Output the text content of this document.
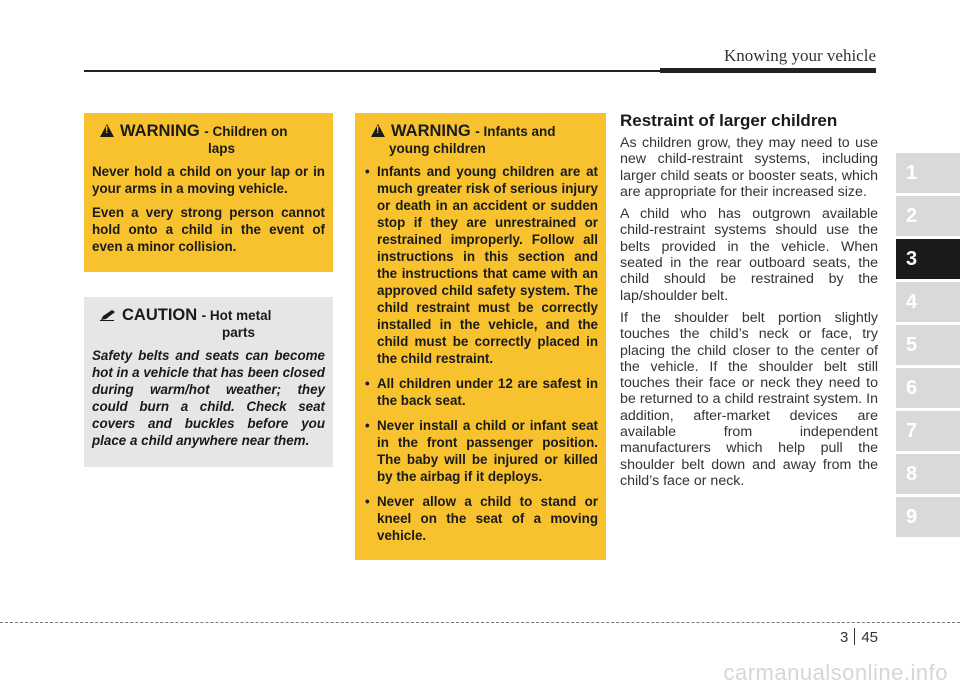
Knowing your vehicle
!WARNING - Children on
laps

Never hold a child on your lap or in your arms in a moving vehicle.

Even a very strong person cannot hold onto a child in the event of even a minor collision.

CAUTION - Hot metal
parts

Safety belts and seats can become hot in a vehicle that has been closed during warm/hot weather; they could burn a child. Check seat covers and buckles before you place a child anywhere near them.

!WARNING - Infants and
young children
• Infants and young children are at much greater risk of serious injury or death in an accident or sudden stop if they are unrestrained or restrained improperly. Follow all instructions in this section and the instructions that came with an approved child safety system. The child restraint must be correctly installed in the vehicle, and the child must be correctly placed in the child restraint.
• All children under 12 are safest in the back seat.
• Never install a child or infant seat in the front passenger position. The baby will be injured or killed by the airbag if it deploys.
• Never allow a child to stand or kneel on the seat of a moving vehicle.
Restraint of larger children

As children grow, they may need to use new child-restraint systems, including larger child seats or booster seats, which are appropriate for their increased size.

A child who has outgrown available child-restraint systems should use the belts provided in the vehicle. When seated in the rear outboard seats, the child should be restrained by the lap/shoulder belt.

If the shoulder belt portion slightly touches the child’s neck or face, try placing the child closer to the center of the vehicle. If the shoulder belt still touches their face or neck they need to be returned to a child restraint system. In addition, after-market devices are available from independent manufacturers which help pull the shoulder belt down and away from the child’s face or neck.

1
2
3
4
5
6
7
8
9
3 45
carmanualsonline.info
